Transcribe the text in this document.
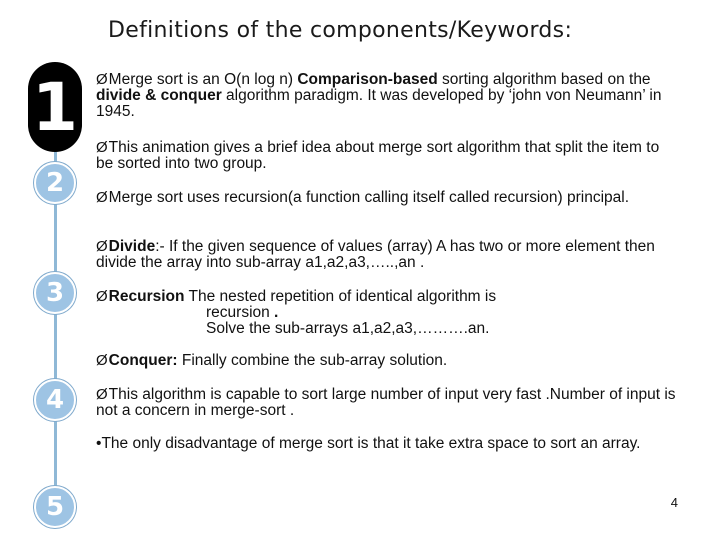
Definitions of the components/Keywords:
1
2
3
4
5
ØMerge sort is an O(n log n) Comparison-based sorting algorithm based on the divide & conquer algorithm paradigm. It was developed by ‘john von Neumann’ in 1945.
ØThis animation gives a brief idea about merge sort algorithm that split the item to be sorted into two group.
ØMerge sort uses recursion(a function calling itself called recursion) principal.
ØDivide:- If the given sequence of values (array) A has two or more element then divide the array into sub-array a1,a2,a3,…..,an .
ØRecursion The nested repetition of identical algorithm is
recursion .
Solve the sub-arrays a1,a2,a3,……….an.
ØConquer: Finally combine the sub-array solution.
ØThis algorithm is capable to sort large number of input very fast .Number of input is not a concern in merge-sort .
•The only disadvantage of merge sort is that it take extra space to sort an array.
4
